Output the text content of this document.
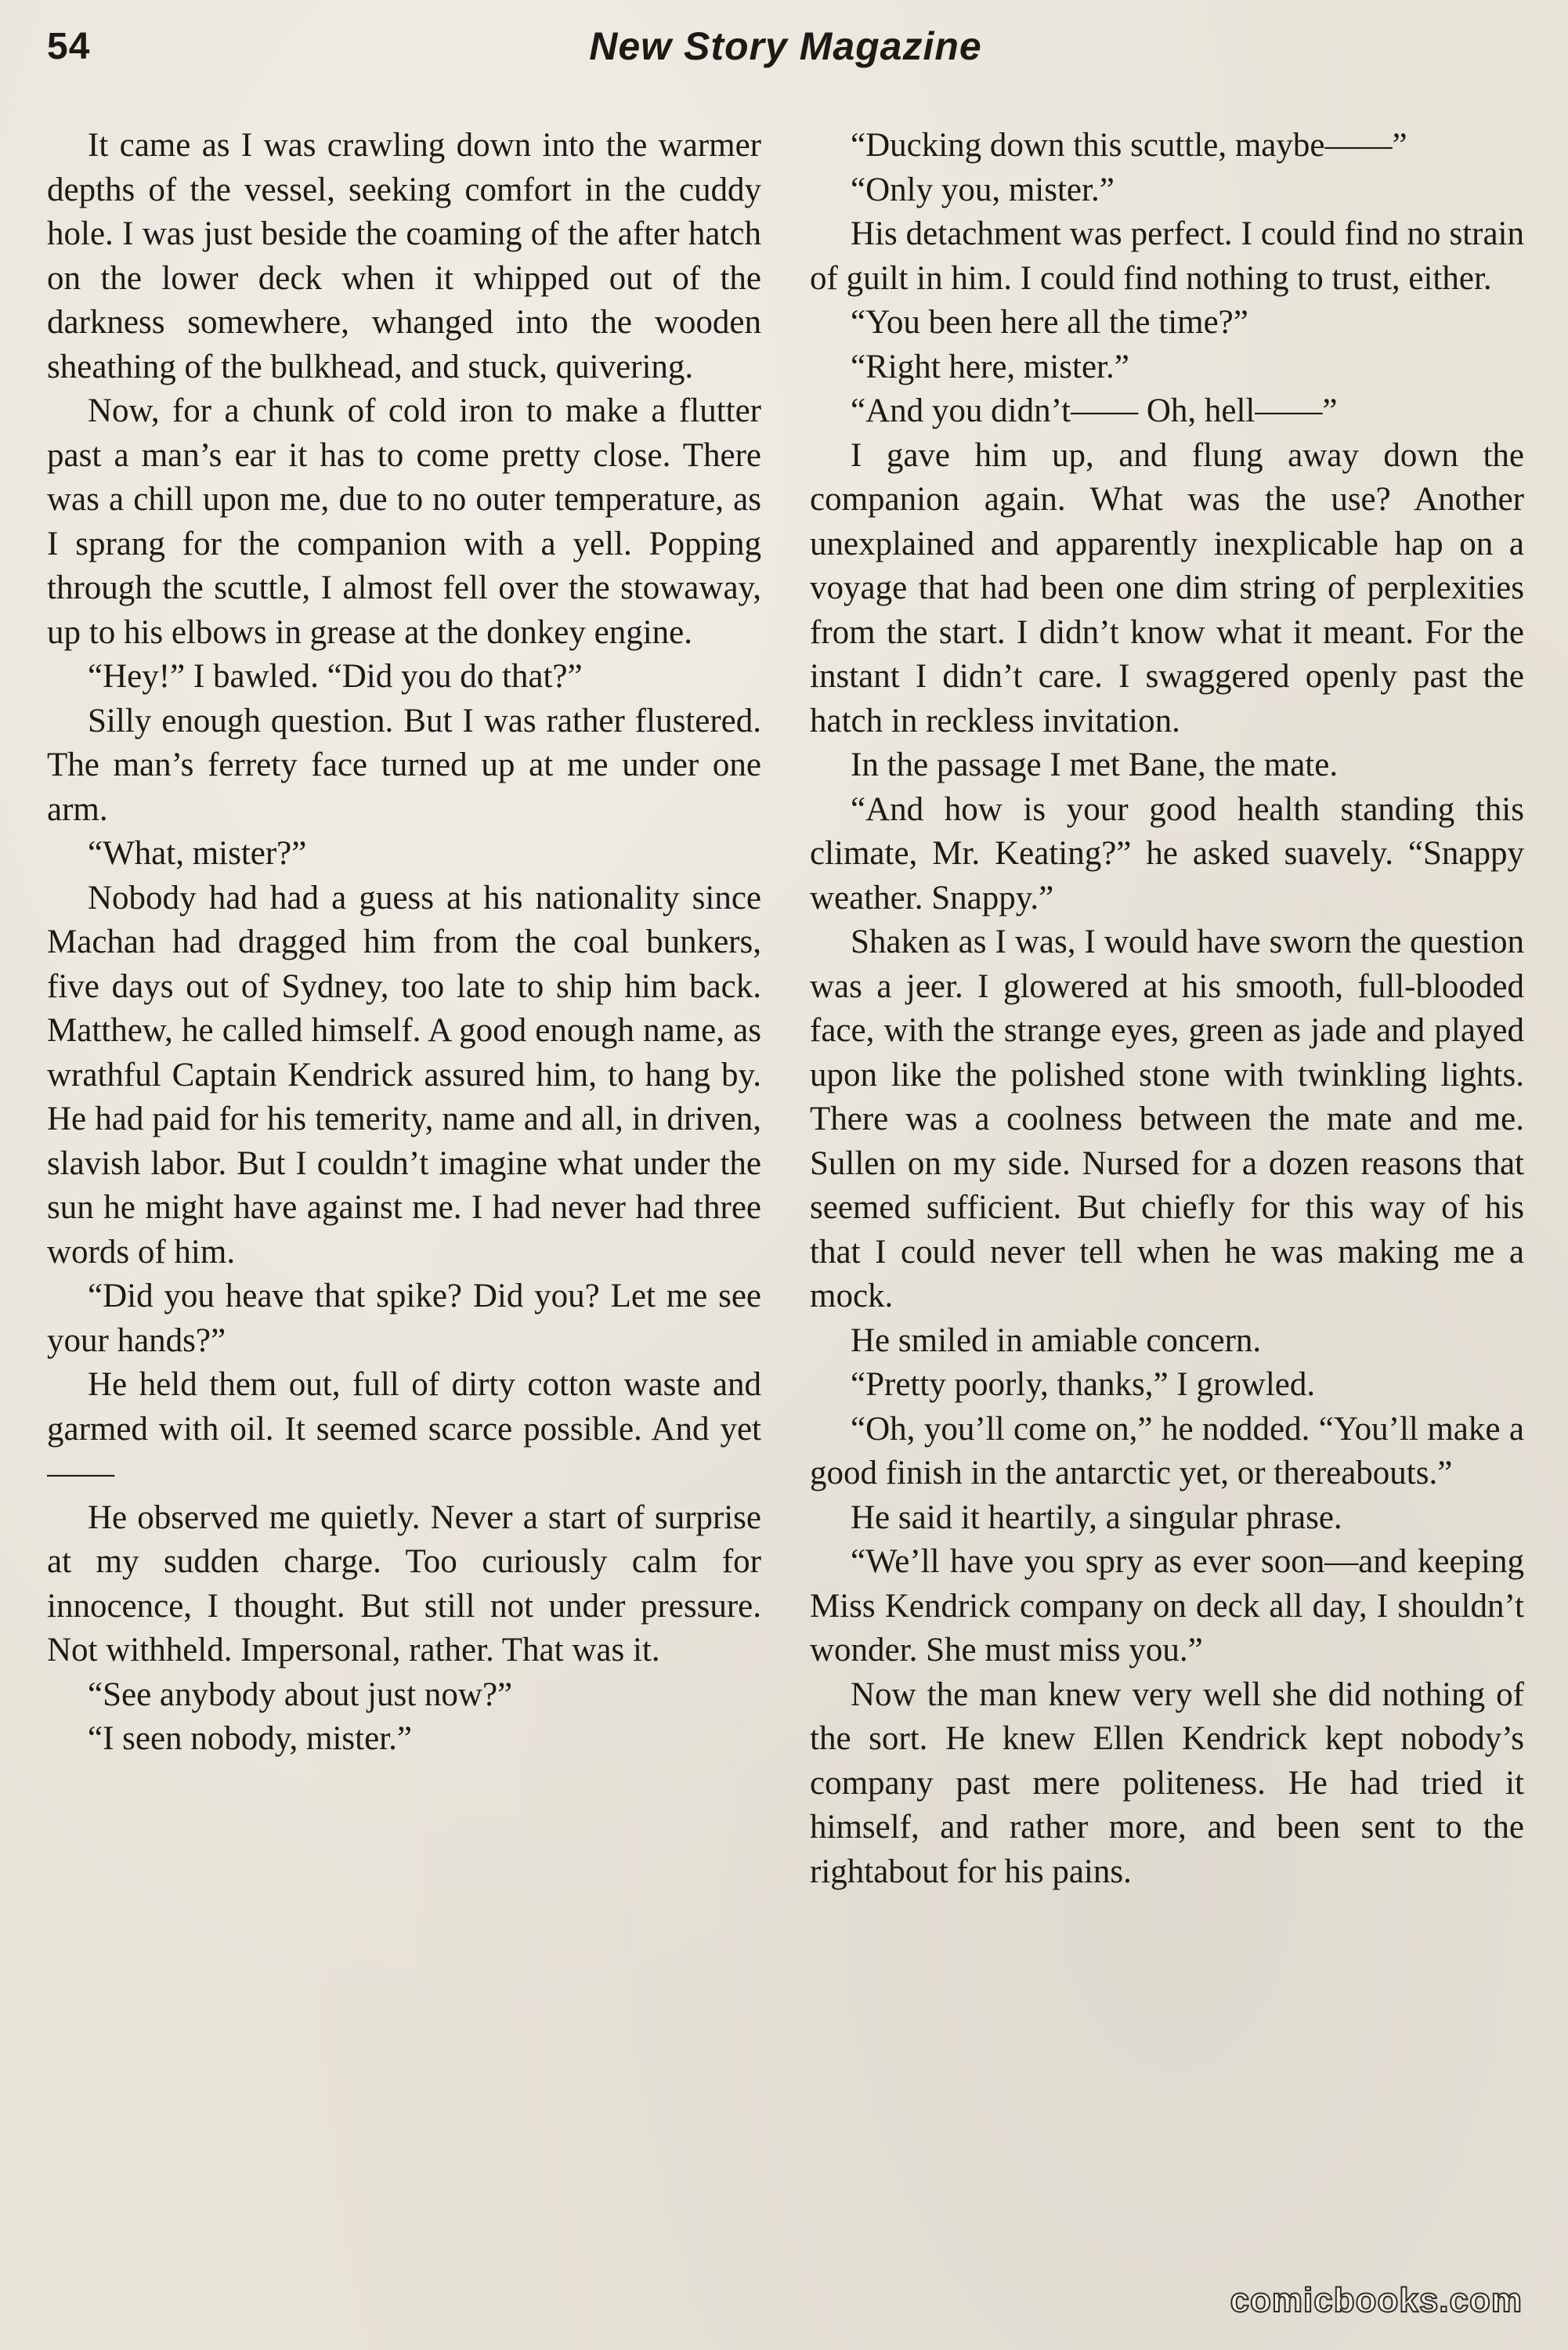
54	New Story Magazine

It came as I was crawling down into the warmer depths of the vessel, seeking comfort in the cuddy hole. I was just beside the coaming of the after hatch on the lower deck when it whipped out of the darkness somewhere, whanged into the wooden sheathing of the bulkhead, and stuck, quivering.

Now, for a chunk of cold iron to make a flutter past a man’s ear it has to come pretty close. There was a chill upon me, due to no outer temperature, as I sprang for the companion with a yell. Popping through the scuttle, I almost fell over the stowaway, up to his elbows in grease at the donkey engine.

“Hey!” I bawled. “Did you do that?”

Silly enough question. But I was rather flustered. The man’s ferrety face turned up at me under one arm.

“What, mister?”

Nobody had had a guess at his nationality since Machan had dragged him from the coal bunkers, five days out of Sydney, too late to ship him back. Matthew, he called himself. A good enough name, as wrathful Captain Kendrick assured him, to hang by. He had paid for his temerity, name and all, in driven, slavish labor. But I couldn’t imagine what under the sun he might have against me. I had never had three words of him.

“Did you heave that spike? Did you? Let me see your hands?”

He held them out, full of dirty cotton waste and garmed with oil. It seemed scarce possible. And yet——

He observed me quietly. Never a start of surprise at my sudden charge. Too curiously calm for innocence, I thought. But still not under pressure. Not withheld. Impersonal, rather. That was it.

“See anybody about just now?”

“I seen nobody, mister.”

“Ducking down this scuttle, maybe——”

“Only you, mister.”

His detachment was perfect. I could find no strain of guilt in him. I could find nothing to trust, either.

“You been here all the time?”

“Right here, mister.”

“And you didn’t—— Oh, hell——”

I gave him up, and flung away down the companion again. What was the use? Another unexplained and apparently inexplicable hap on a voyage that had been one dim string of perplexities from the start. I didn’t know what it meant. For the instant I didn’t care. I swaggered openly past the hatch in reckless invitation.

In the passage I met Bane, the mate.

“And how is your good health standing this climate, Mr. Keating?” he asked suavely. “Snappy weather. Snappy.”

Shaken as I was, I would have sworn the question was a jeer. I glowered at his smooth, full-blooded face, with the strange eyes, green as jade and played upon like the polished stone with twinkling lights. There was a coolness between the mate and me. Sullen on my side. Nursed for a dozen reasons that seemed sufficient. But chiefly for this way of his that I could never tell when he was making me a mock.

He smiled in amiable concern.

“Pretty poorly, thanks,” I growled.

“Oh, you’ll come on,” he nodded. “You’ll make a good finish in the antarctic yet, or thereabouts.”

He said it heartily, a singular phrase.

“We’ll have you spry as ever soon—and keeping Miss Kendrick company on deck all day, I shouldn’t wonder. She must miss you.”

Now the man knew very well she did nothing of the sort. He knew Ellen Kendrick kept nobody’s company past mere politeness. He had tried it himself, and rather more, and been sent to the rightabout for his pains.

comicbooks.com
